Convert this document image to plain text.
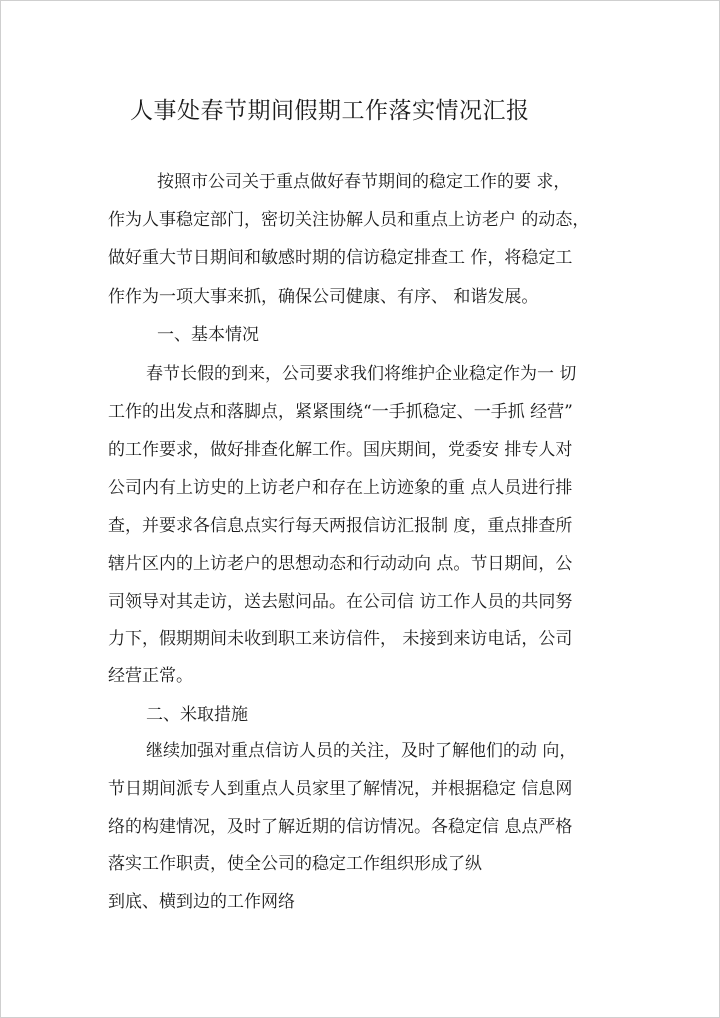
人事处春节期间假期工作落实情况汇报
按照市公司关于重点做好春节期间的稳定工作的要 求，
作为人事稳定部门，密切关注协解人员和重点上访老户 的动态，
做好重大节日期间和敏感时期的信访稳定排查工 作，将稳定工
作作为一项大事来抓，确保公司健康、有序、 和谐发展。
一、基本情况
春节长假的到来，公司要求我们将维护企业稳定作为一 切
工作的出发点和落脚点，紧紧围绕“一手抓稳定、一手抓 经营”
的工作要求，做好排查化解工作。国庆期间，党委安 排专人对
公司内有上访史的上访老户和存在上访迹象的重 点人员进行排
查，并要求各信息点实行每天两报信访汇报制 度，重点排查所
辖片区内的上访老户的思想动态和行动动向 点。节日期间，公
司领导对其走访，送去慰问品。在公司信 访工作人员的共同努
力下，假期期间未收到职工来访信件， 未接到来访电话，公司
经营正常。
二、米取措施
继续加强对重点信访人员的关注，及时了解他们的动 向，
节日期间派专人到重点人员家里了解情况，并根据稳定 信息网
络的构建情况，及时了解近期的信访情况。各稳定信 息点严格
落实工作职责，使全公司的稳定工作组织形成了纵
到底、横到边的工作网络
